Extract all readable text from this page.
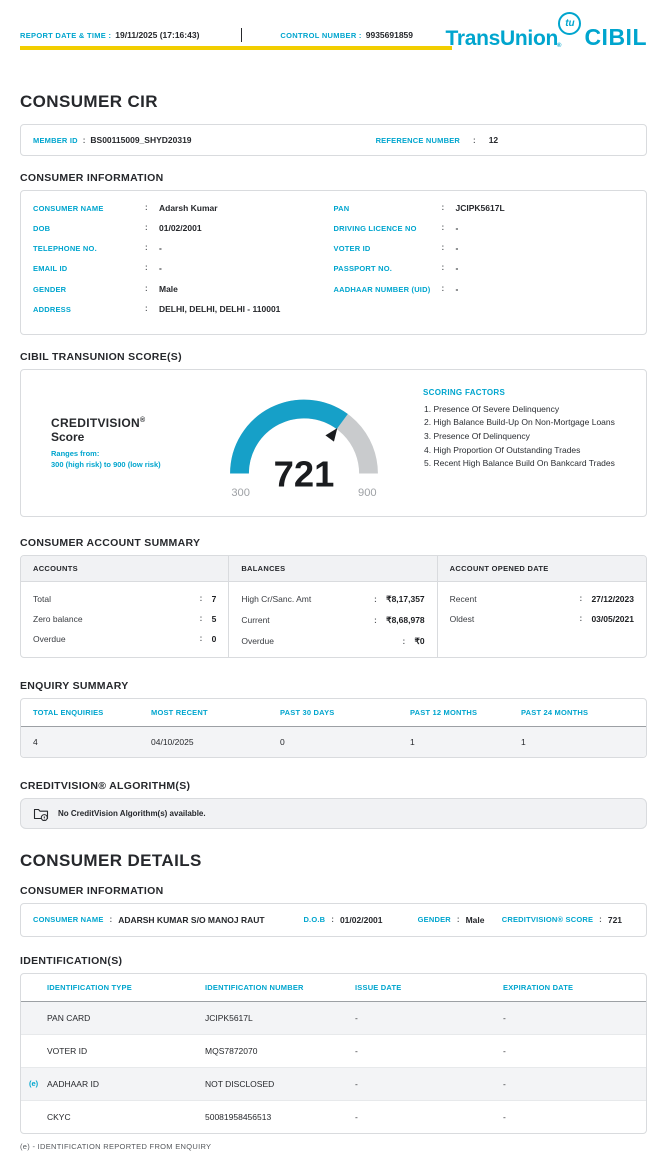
REPORT DATE & TIME : 19/11/2025 (17:16:43)	CONTROL NUMBER : 9935691859 TransUnion ®
tu
CIBIL
CONSUMER CIR
MEMBER ID : BS00115009_SHYD20319	REFERENCE NUMBER : 12
CONSUMER INFORMATION
CONSUMER NAME	:	Adarsh Kumar
DOB	:	01/02/2001
TELEPHONE NO.	:	-
EMAIL ID	:	-
GENDER	:	Male
ADDRESS	:	DELHI, DELHI, DELHI - 110001
PAN	:	JCIPK5617L
DRIVING LICENCE NO	:	-
VOTER ID	:	-
PASSPORT NO.	:	-
AADHAAR NUMBER (UID)	:	-
CIBIL TRANSUNION SCORE(S)
CREDITVISION®
Score
Ranges from:
300 (high risk) to 900 (low risk)	721
300	900
SCORING FACTORS
1. Presence Of Severe Delinquency
2. High Balance Build-Up On Non-Mortgage Loans
3. Presence Of Delinquency
4. High Proportion Of Outstanding Trades
5. Recent High Balance Build On Bankcard Trades
CONSUMER ACCOUNT SUMMARY
ACCOUNTS
Total	:	7
Zero balance	:	5
Overdue	:	0
BALANCES
High Cr/Sanc. Amt	:	₹8,17,357
Current	:	₹8,68,978
Overdue	:	₹0
ACCOUNT OPENED DATE
Recent	:	27/12/2023
Oldest	:	03/05/2021
ENQUIRY SUMMARY
TOTAL ENQUIRIES	MOST RECENT	PAST 30 DAYS	PAST 12 MONTHS	PAST 24 MONTHS
4	04/10/2025	0	1	1
CREDITVISION® ALGORITHM(S)
No CreditVision Algorithm(s) available.
CONSUMER DETAILS
CONSUMER INFORMATION
CONSUMER NAME : ADARSH KUMAR S/O MANOJ RAUT	D.O.B : 01/02/2001	GENDER : Male CREDITVISION® SCORE : 721
IDENTIFICATION(S)
IDENTIFICATION TYPE	IDENTIFICATION NUMBER	ISSUE DATE	EXPIRATION DATE
PAN CARD	JCIPK5617L	-	-
VOTER ID	MQS7872070	-	-
(e)	AADHAAR ID	NOT DISCLOSED	-	-
CKYC	50081958456513	-	-
(e) - IDENTIFICATION REPORTED FROM ENQUIRY
